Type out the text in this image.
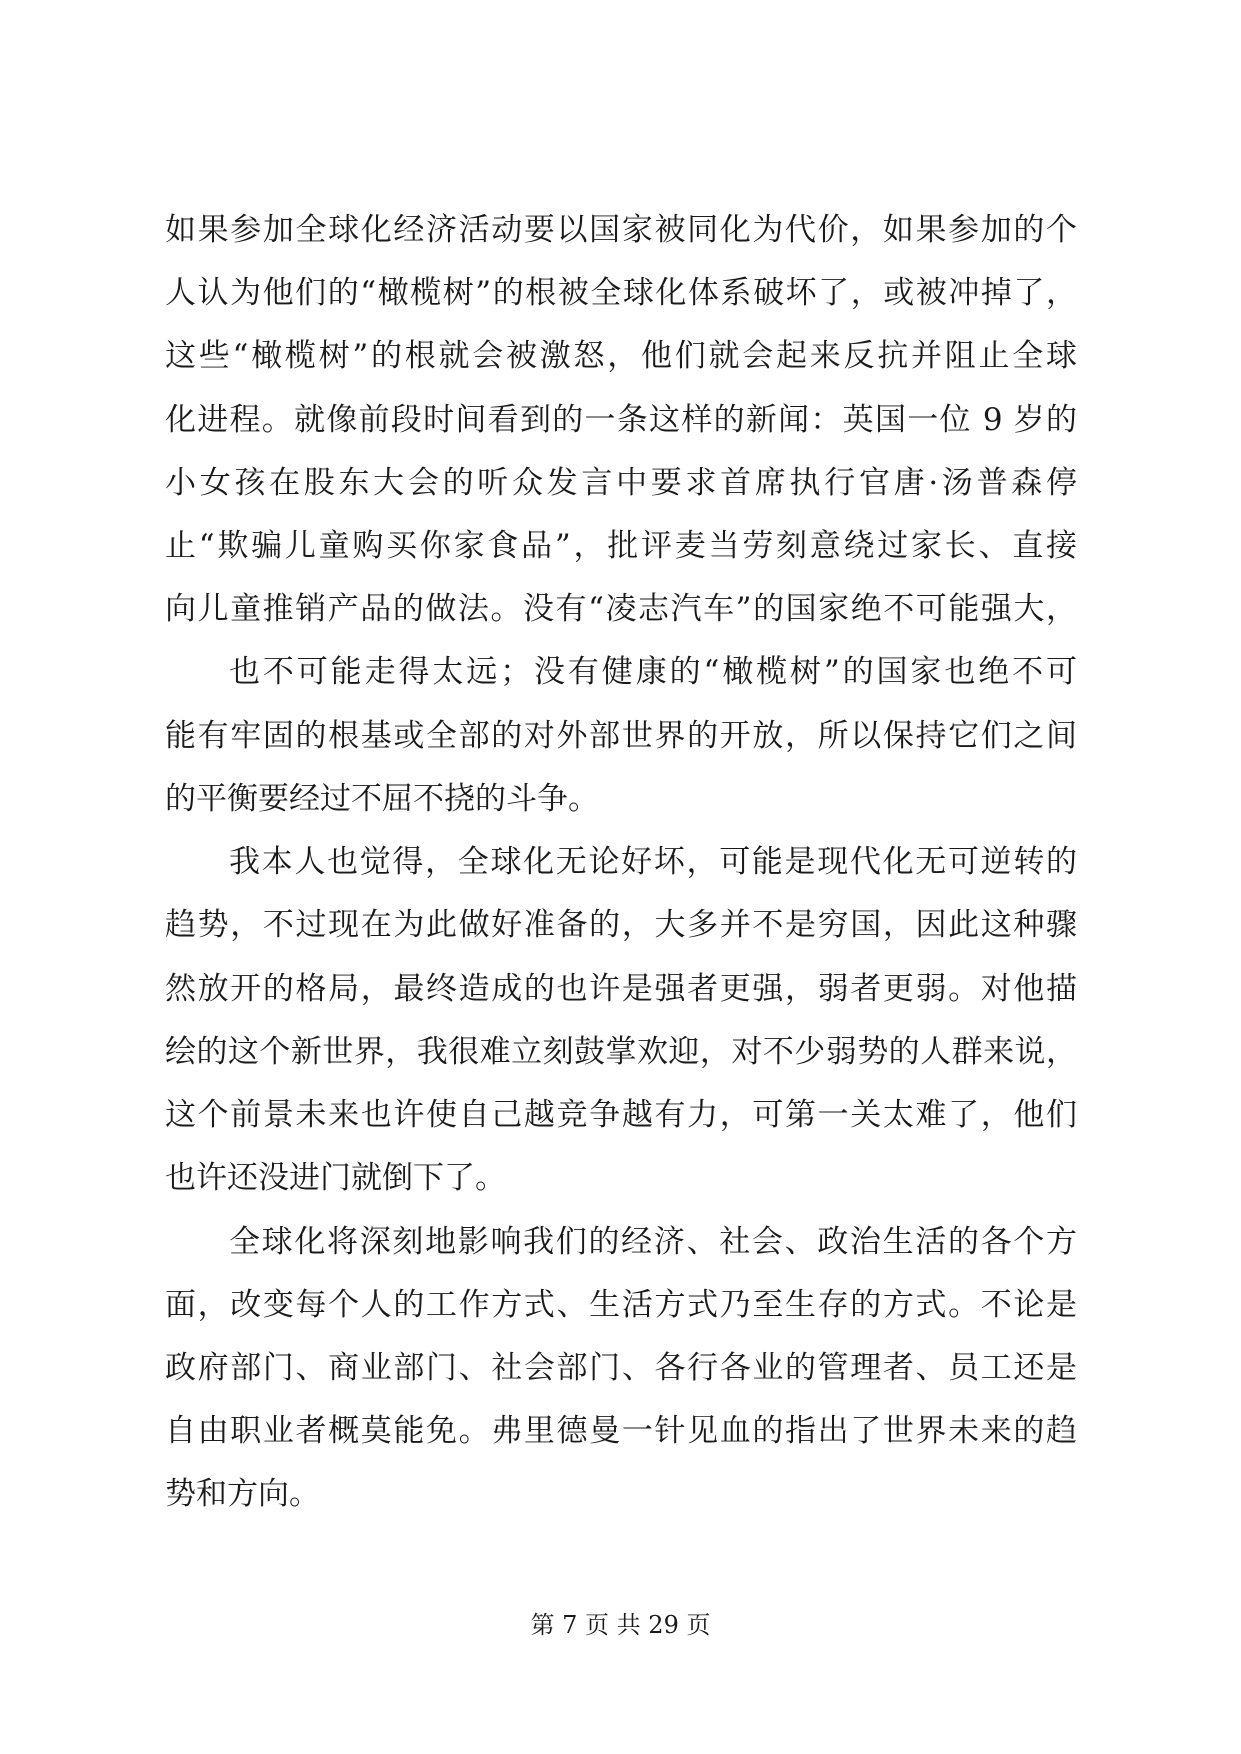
如果参加全球化经济活动要以国家被同化为代价，如果参加的个
人认为他们的“橄榄树”的根被全球化体系破坏了，或被冲掉了，
这些“橄榄树”的根就会被激怒，他们就会起来反抗并阻止全球
化进程。就像前段时间看到的一条这样的新闻：英国一位 9 岁的
小女孩在股东大会的听众发言中要求首席执行官唐·汤普森停
止“欺骗儿童购买你家食品”，批评麦当劳刻意绕过家长、直接
向儿童推销产品的做法。没有“凌志汽车”的国家绝不可能强大，
也不可能走得太远；没有健康的“橄榄树”的国家也绝不可
能有牢固的根基或全部的对外部世界的开放，所以保持它们之间
的平衡要经过不屈不挠的斗争。
我本人也觉得，全球化无论好坏，可能是现代化无可逆转的
趋势，不过现在为此做好准备的，大多并不是穷国，因此这种骤
然放开的格局，最终造成的也许是强者更强，弱者更弱。对他描
绘的这个新世界，我很难立刻鼓掌欢迎，对不少弱势的人群来说，
这个前景未来也许使自己越竞争越有力，可第一关太难了，他们
也许还没进门就倒下了。
全球化将深刻地影响我们的经济、社会、政治生活的各个方
面，改变每个人的工作方式、生活方式乃至生存的方式。不论是
政府部门、商业部门、社会部门、各行各业的管理者、员工还是
自由职业者概莫能免。弗里德曼一针见血的指出了世界未来的趋
势和方向。
第 7 页 共 29 页
